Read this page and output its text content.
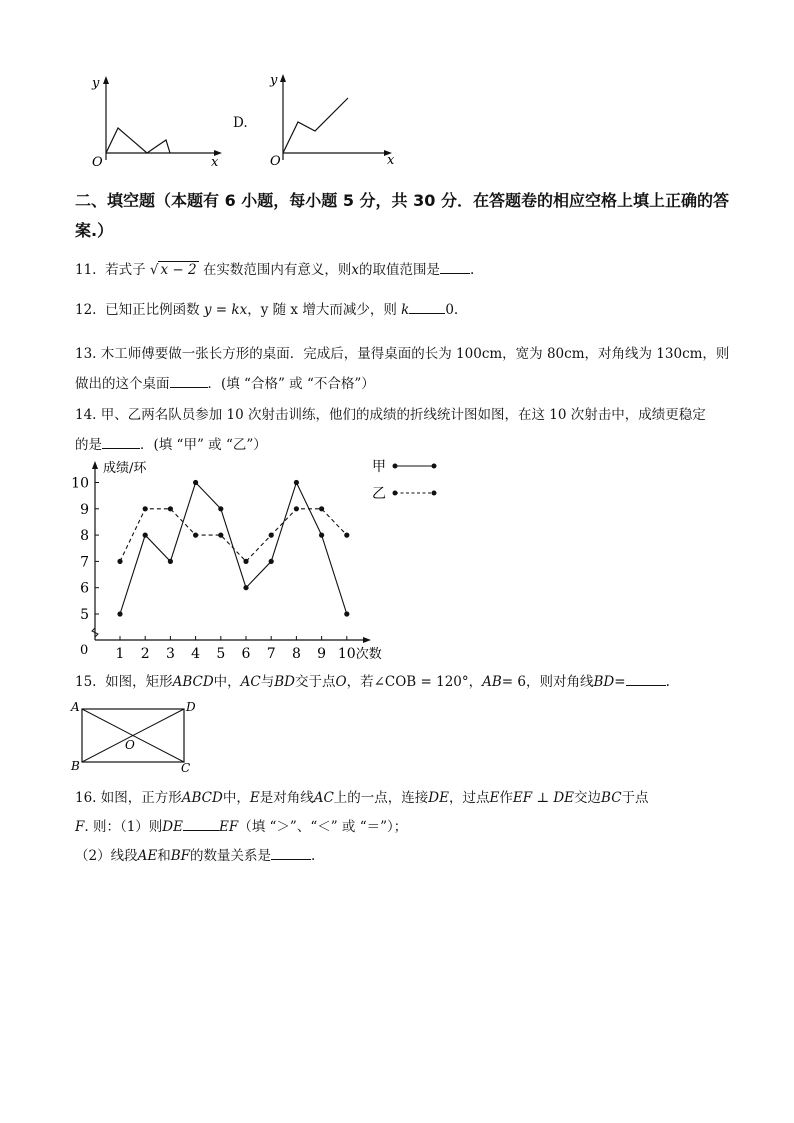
y
x
O
D.
y
x
O
二、填空题（本题有 6 小题，每小题 5 分，共 30 分．在答题卷的相应空格上填上正确的答
案.）
11. 若式子 √ x − 2 在实数范围内有意义，则x的取值范围是 .
12. 已知正比例函数 y = kx，y 随 x 增大而减少，则 k	0.
13. 木工师傅要做一张长方形的桌面．完成后，量得桌面的长为 100cm，宽为 80cm，对角线为 130cm，则
做出的这个桌面	．(填 “合格” 或 “不合格”）
14. 甲、乙两名队员参加 10 次射击训练，他们的成绩的折线统计图如图，在这 10 次射击中，成绩更稳定
的是	．(填 “甲” 或 “乙”）
成绩/环
次数
0
5
6
7
8
9
10
1 2 3 4 5 6 7 8 9 10
甲
乙
15. 如图，矩形ABCD中，AC与BD交于点O，若∠COB = 120°，AB= 6，则对角线BD=	.
A	D
B	C
O
16. 如图，正方形ABCD中，E是对角线AC上的一点，连接DE，过点E作EF ⊥ DE交边BC于点
F. 则：（1）则DE	EF（填 “＞”、“＜” 或 “＝”）；
（2）线段AE和BF的数量关系是	.
